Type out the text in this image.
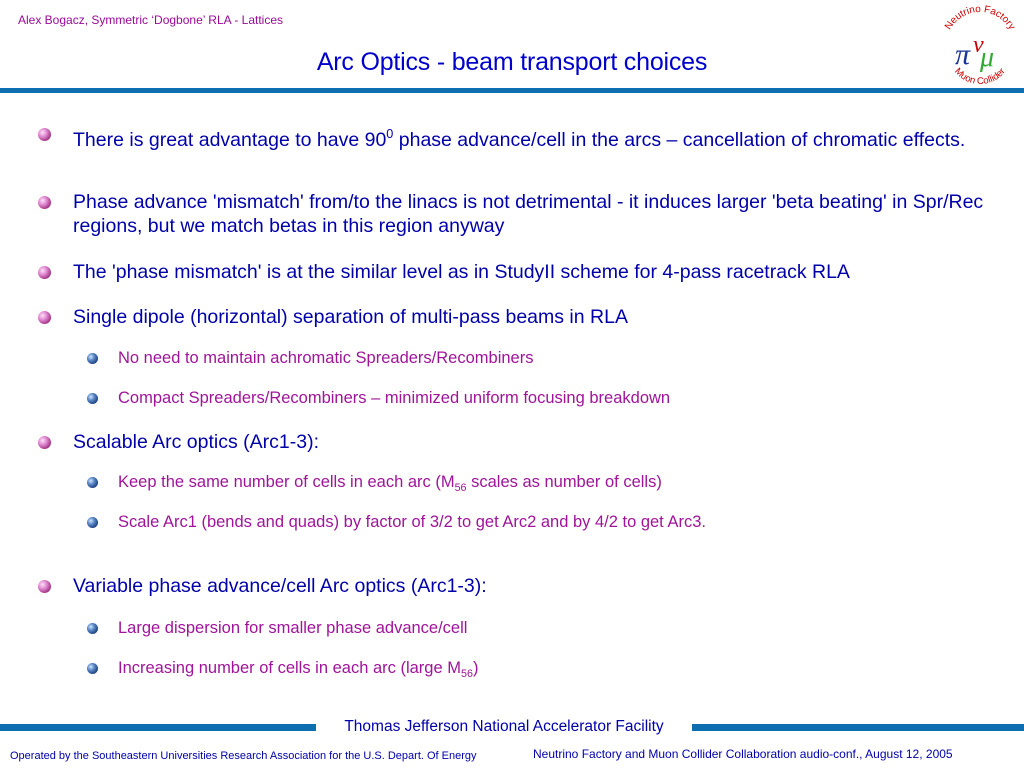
Alex Bogacz, Symmetric ‘Dogbone’ RLA - Lattices
Arc Optics - beam transport choices
Neutrino Factory
Muon Collider
π ν
μ
There is great advantage to have $90^0$ phase advance/cell in the arcs – cancellation of chromatic effects.
Phase advance 'mismatch' from/to the linacs is not detrimental - it induces larger 'beta beating' in Spr/Rec regions, but we match betas in this region anyway
The 'phase mismatch' is at the similar level as in StudyII scheme for 4-pass racetrack RLA
Single dipole (horizontal) separation of multi-pass beams in RLA
No need to maintain achromatic Spreaders/Recombiners
Compact Spreaders/Recombiners – minimized uniform focusing breakdown
Scalable Arc optics (Arc1-3):
Keep the same number of cells in each arc ($M_{56}$ scales as number of cells)
Scale Arc1 (bends and quads) by factor of 3/2 to get Arc2 and by 4/2 to get Arc3.
Variable phase advance/cell Arc optics (Arc1-3):
Large dispersion for smaller phase advance/cell
Increasing number of cells in each arc (large $M_{56}$)
Thomas Jefferson National Accelerator Facility
Operated by the Southeastern Universities Research Association for the U.S. Depart. Of Energy	Neutrino Factory and Muon Collider Collaboration audio-conf., August 12, 2005
